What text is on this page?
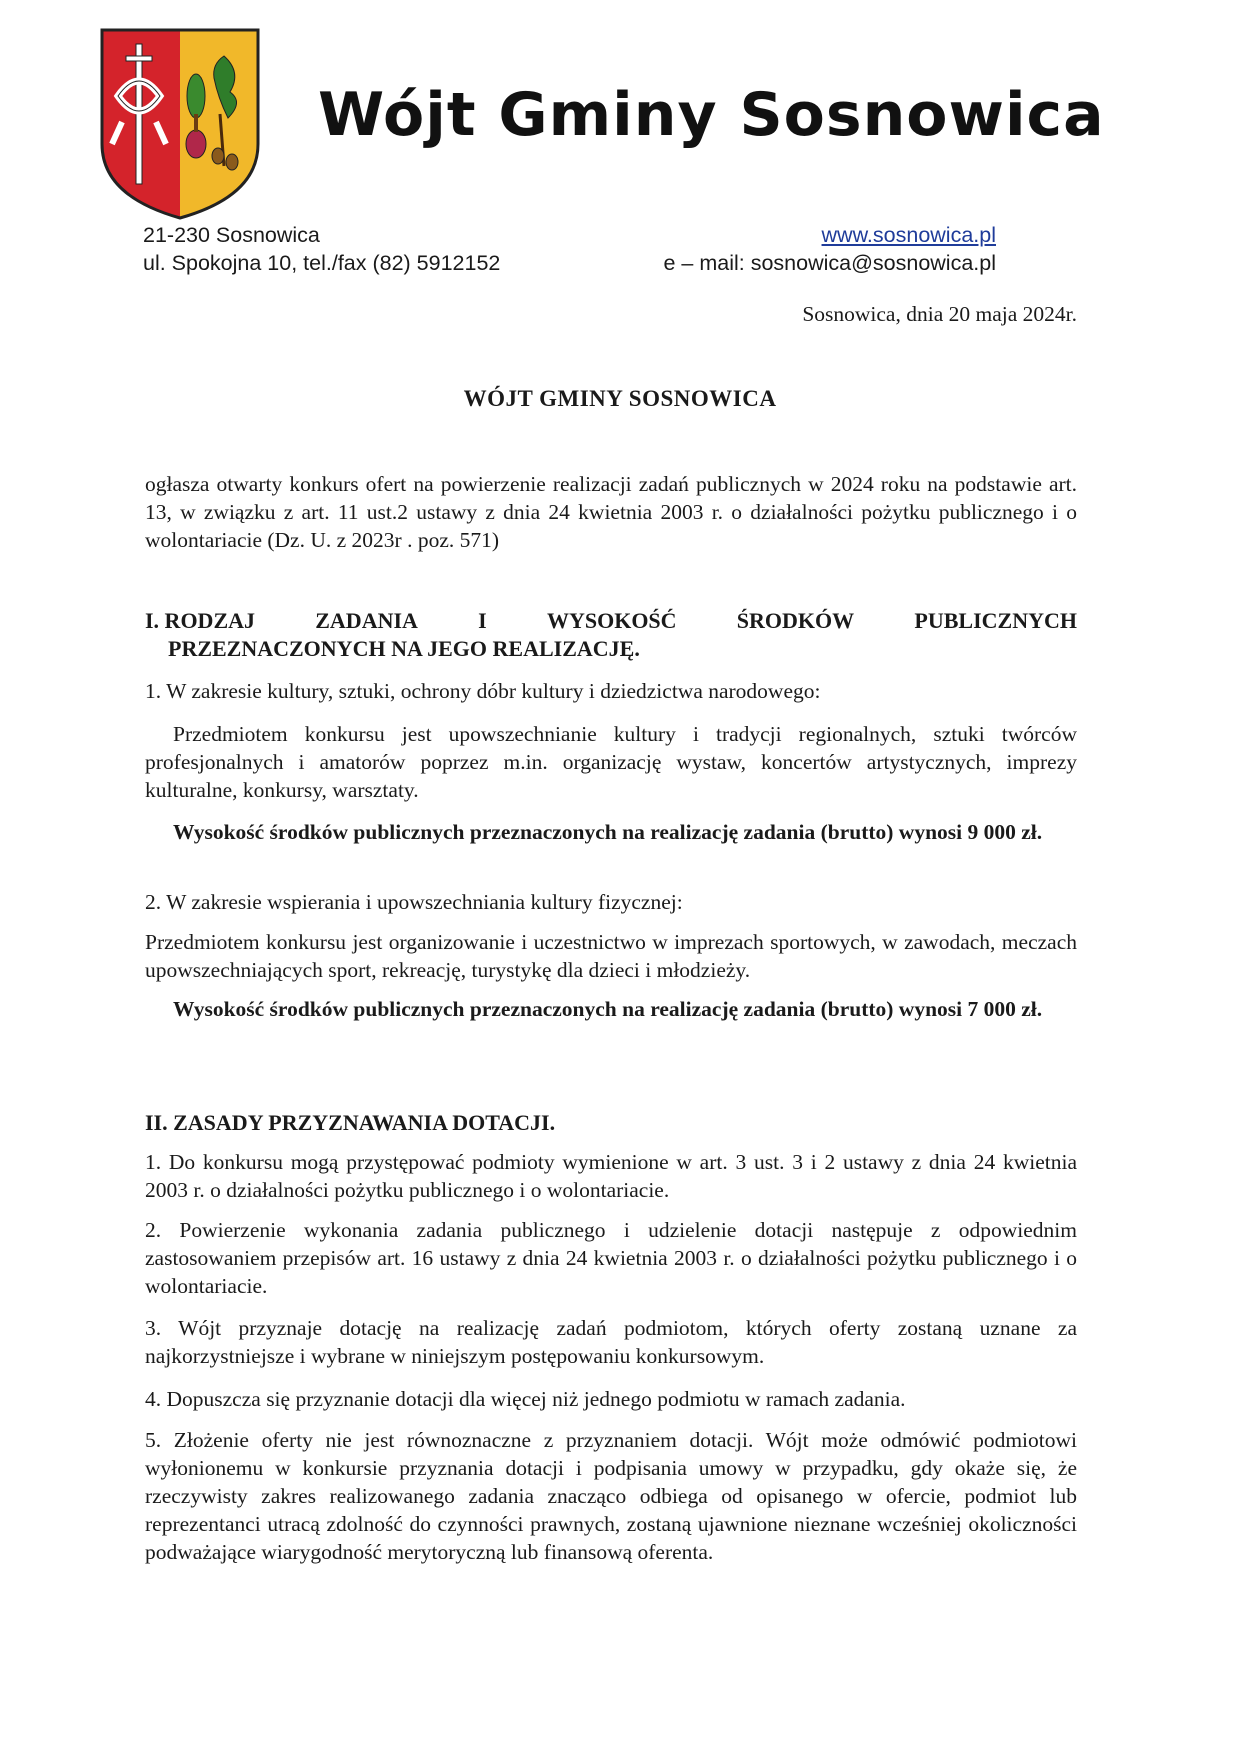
Wójt Gminy Sosnowica
21-230 Sosnowica
ul. Spokojna 10, tel./fax (82) 5912152
www.sosnowica.pl
e – mail: sosnowica@sosnowica.pl
Sosnowica, dnia 20 maja 2024r.
WÓJT GMINY SOSNOWICA
ogłasza otwarty konkurs ofert na powierzenie realizacji zadań publicznych w 2024 roku na podstawie art. 13, w związku z art. 11 ust.2 ustawy z dnia 24 kwietnia 2003 r. o działalności pożytku publicznego i o wolontariacie (Dz. U. z 2023r . poz. 571)
I. RODZAJ	ZADANIA	I	WYSOKOŚĆ	ŚRODKÓW	PUBLICZNYCH
PRZEZNACZONYCH NA JEGO REALIZACJĘ.
1. W zakresie kultury, sztuki, ochrony dóbr kultury i dziedzictwa narodowego:
Przedmiotem konkursu jest upowszechnianie kultury i tradycji regionalnych, sztuki twórców profesjonalnych i amatorów poprzez m.in. organizację wystaw, koncertów artystycznych, imprezy kulturalne, konkursy, warsztaty.
Wysokość środków publicznych przeznaczonych na realizację zadania (brutto) wynosi 9 000 zł.
2. W zakresie wspierania i upowszechniania kultury fizycznej:
Przedmiotem konkursu jest organizowanie i uczestnictwo w imprezach sportowych, w zawodach, meczach upowszechniających sport, rekreację, turystykę dla dzieci i młodzieży.
Wysokość środków publicznych przeznaczonych na realizację zadania (brutto) wynosi 7 000 zł.
II. ZASADY PRZYZNAWANIA DOTACJI.
1. Do konkursu mogą przystępować podmioty wymienione w art. 3 ust. 3 i 2 ustawy z dnia 24 kwietnia 2003 r. o działalności pożytku publicznego i o wolontariacie.
2. Powierzenie wykonania zadania publicznego i udzielenie dotacji następuje z odpowiednim zastosowaniem przepisów art. 16 ustawy z dnia 24 kwietnia 2003 r. o działalności pożytku publicznego i o wolontariacie.
3. Wójt przyznaje dotację na realizację zadań podmiotom, których oferty zostaną uznane za najkorzystniejsze i wybrane w niniejszym postępowaniu konkursowym.
4. Dopuszcza się przyznanie dotacji dla więcej niż jednego podmiotu w ramach zadania.
5. Złożenie oferty nie jest równoznaczne z przyznaniem dotacji. Wójt może odmówić podmiotowi wyłonionemu w konkursie przyznania dotacji i podpisania umowy w przypadku, gdy okaże się, że rzeczywisty zakres realizowanego zadania znacząco odbiega od opisanego w ofercie, podmiot lub reprezentanci utracą zdolność do czynności prawnych, zostaną ujawnione nieznane wcześniej okoliczności podważające wiarygodność merytoryczną lub finansową oferenta.
